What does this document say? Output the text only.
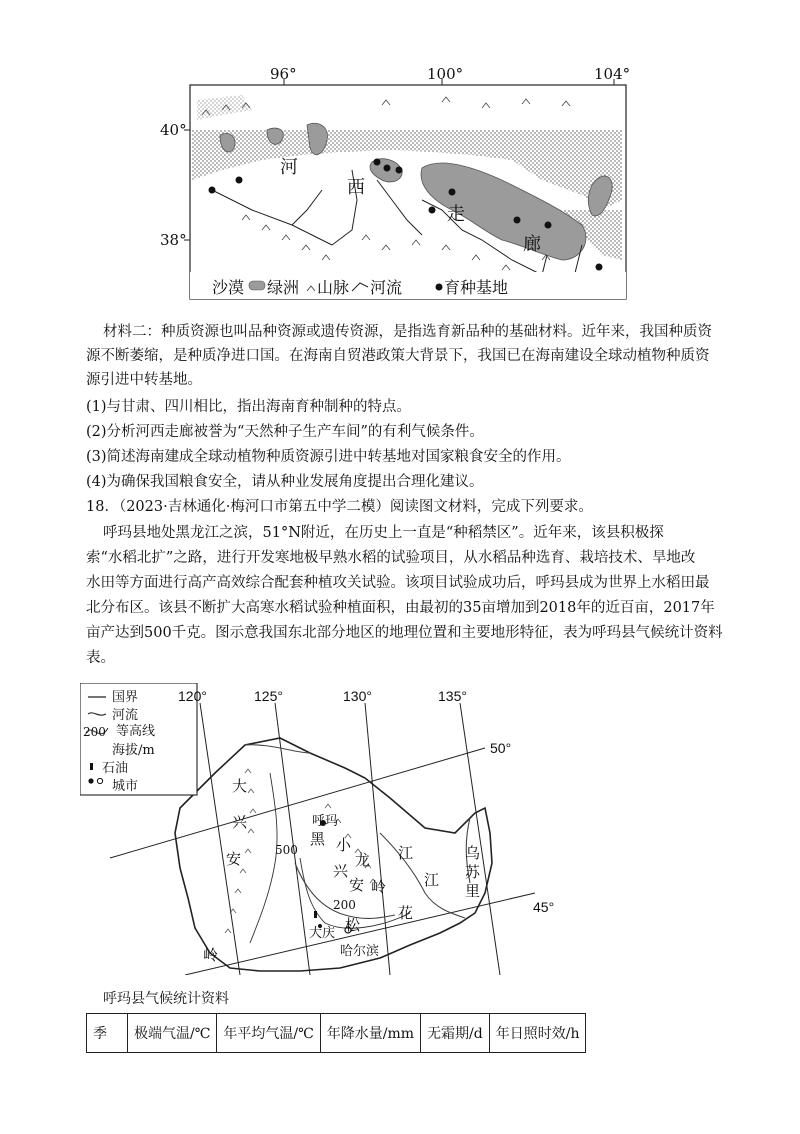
96°	100°	104°
40°
38°
河
西
走
廊
沙漠 绿洲 山脉 河流	育种基地
材料二：种质资源也叫品种资源或遗传资源，是指选育新品种的基础材料。近年来，我国种质资
源不断萎缩，是种质净进口国。在海南自贸港政策大背景下，我国已在海南建设全球动植物种质资
源引进中转基地。
(1)与甘肃、四川相比，指出海南育种制种的特点。
(2)分析河西走廊被誉为“天然种子生产车间”的有利气候条件。
(3)简述海南建成全球动植物种质资源引进中转基地对国家粮食安全的作用。
(4)为确保我国粮食安全，请从种业发展角度提出合理化建议。
18．（2023·吉林通化·梅河口市第五中学二模）阅读图文材料，完成下列要求。
呼玛县地处黑龙江之滨，51°N附近，在历史上一直是“种稻禁区”。近年来，该县积极探
索“水稻北扩”之路，进行开发寒地极早熟水稻的试验项目，从水稻品种选育、栽培技术、旱地改
水田等方面进行高产高效综合配套种植攻关试验。该项目试验成功后，呼玛县成为世界上水稻田最
北分布区。该县不断扩大高寒水稻试验种植面积，由最初的35亩增加到2018年的近百亩，2017年
亩产达到500千克。图示意我国东北部分地区的地理位置和主要地形特征，表为呼玛县气候统计资料
表。
120°	125°	130°	135°
50°
45°
国界
河流
200 等高线
海拔/m
石油
城市
呼玛
大庆
哈尔滨
大
兴
安
岭
小
兴
安 岭
黑
龙 江	乌
苏
里
江
松
花
500
200
呼玛县气候统计资料
季	极端气温/℃	年平均气温/℃	年降水量/mm	无霜期/d	年日照时效/h
